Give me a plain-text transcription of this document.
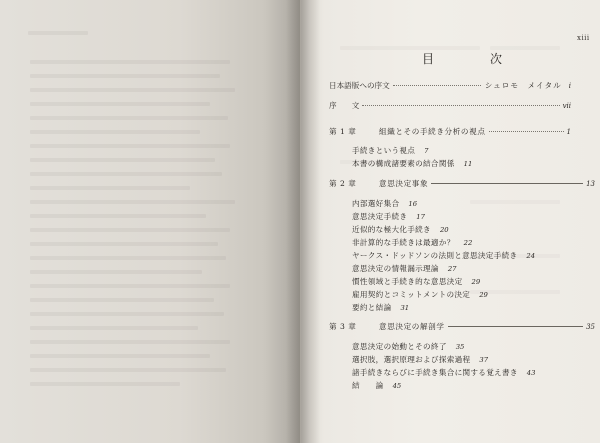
xiii
目　次
日本語版への序文	シュロモ　メイタル	i
序　　文	vii
第 1 章	組織とその手続き分析の視点	1
手続きという視点	7
本書の構成諸要素の結合関係	11
第 2 章	意思決定事象	13
内部選好集合	16
意思決定手続き	17
近似的な極大化手続き	20
非計算的な手続きは最適か？	22
ヤークス・ドッドソンの法則と意思決定手続き	24
意思決定の情報漏示理論	27
慣性領域と手続き的な意思決定	29
雇用契約とコミットメントの決定	29
要約と結論	31
第 3 章	意思決定の解剖学	35
意思決定の始動とその終了	35
選択肢，選択原理および探索過程	37
諸手続きならびに手続き集合に関する覚え書き	43
結　　論	45
